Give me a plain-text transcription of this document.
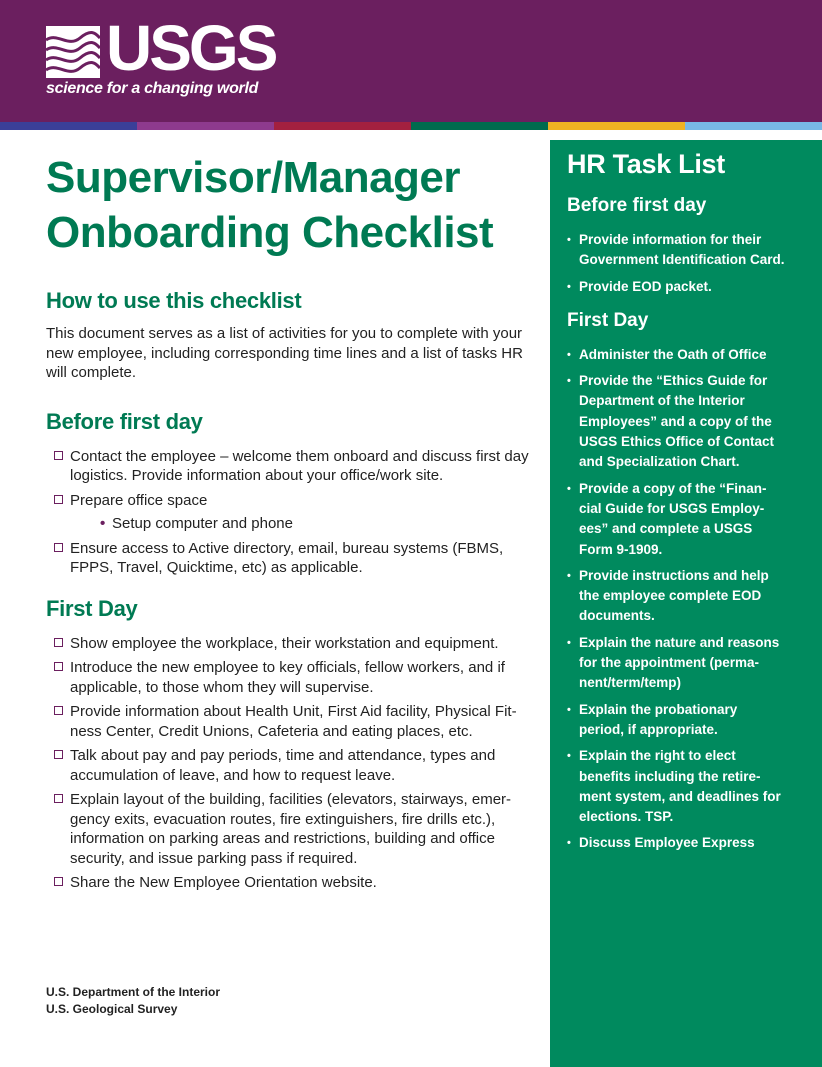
USGS
science for a changing world
Supervisor/Manager
Onboarding Checklist
How to use this checklist

This document serves as a list of activities for you to complete with your new employee, including corresponding time lines and a list of tasks HR will complete.

Before first day
Contact the employee – welcome them onboard and discuss first day logistics. Provide information about your office/work site.
Prepare office space
• Setup computer and phone
Ensure access to Active directory, email, bureau systems (FBMS, FPPS, Travel, Quicktime, etc) as applicable.
First Day
Show employee the workplace, their workstation and equipment.
Introduce the new employee to key officials, fellow workers, and if applicable, to those whom they will supervise.
Provide information about Health Unit, First Aid facility, Physical Fit-ness Center, Credit Unions, Cafeteria and eating places, etc.
Talk about pay and pay periods, time and attendance, types and accumulation of leave, and how to request leave.
Explain layout of the building, facilities (elevators, stairways, emer-gency exits, evacuation routes, fire extinguishers, fire drills etc.), information on parking areas and restrictions, building and office security, and issue parking pass if required.
Share the New Employee Orientation website.
U.S. Department of the Interior
U.S. Geological Survey
HR Task List
Before first day
• Provide information for their
Government Identification Card.
• Provide EOD packet.
First Day
• Administer the Oath of Office
• Provide the “Ethics Guide for
Department of the Interior
Employees” and a copy of the
USGS Ethics Office of Contact
and Specialization Chart.
• Provide a copy of the “Finan-
cial Guide for USGS Employ-
ees” and complete a USGS
Form 9-1909.
• Provide instructions and help
the employee complete EOD
documents.
• Explain the nature and reasons
for the appointment (perma-
nent/term/temp)
• Explain the probationary
period, if appropriate.
• Explain the right to elect
benefits including the retire-
ment system, and deadlines for
elections. TSP.
• Discuss Employee Express
